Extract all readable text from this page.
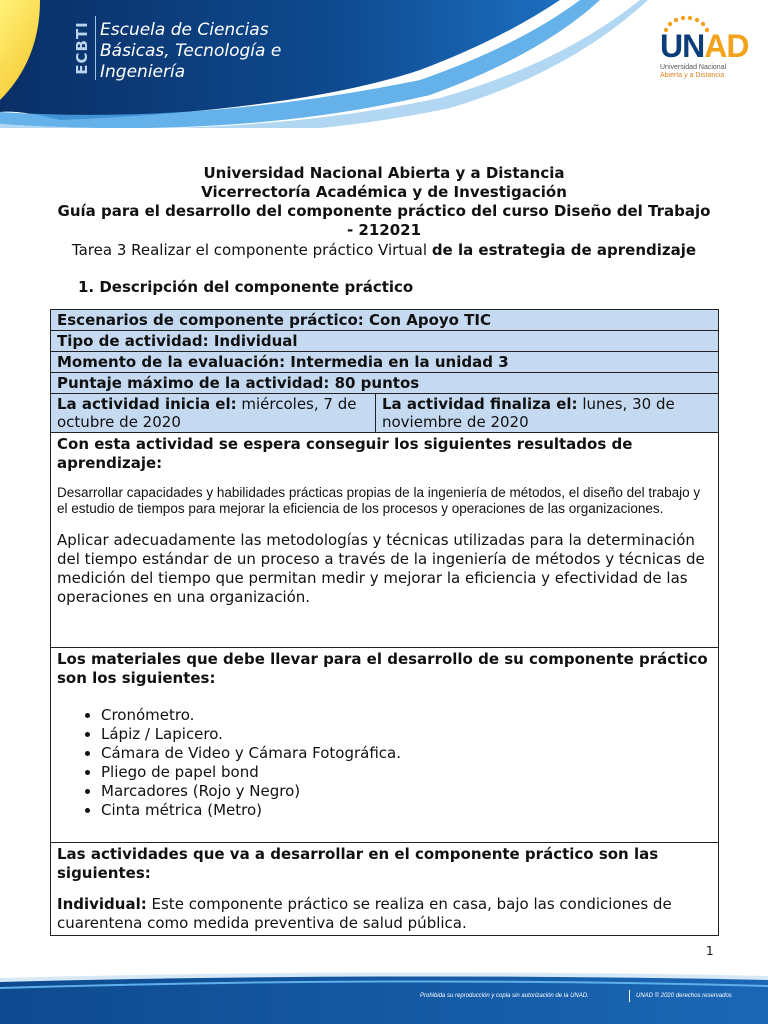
ECBTI Escuela de Ciencias
Básicas, Tecnología e
Ingeniería
UNAD
Universidad Nacional
Abierta y a Distancia
Universidad Nacional Abierta y a Distancia
Vicerrectoría Académica y de Investigación
Guía para el desarrollo del componente práctico del curso Diseño del Trabajo
- 212021
Tarea 3 Realizar el componente práctico Virtual de la estrategia de aprendizaje
1. Descripción del componente práctico
Escenarios de componente práctico: Con Apoyo TIC
Tipo de actividad: Individual
Momento de la evaluación: Intermedia en la unidad 3
Puntaje máximo de la actividad: 80 puntos
La actividad inicia el: miércoles, 7 de octubre de 2020	La actividad finaliza el: lunes, 30 de noviembre de 2020

Con esta actividad se espera conseguir los siguientes resultados de aprendizaje:
Desarrollar capacidades y habilidades prácticas propias de la ingeniería de métodos, el diseño del trabajo y el estudio de tiempos para mejorar la eficiencia de los procesos y operaciones de las organizaciones.
Aplicar adecuadamente las metodologías y técnicas utilizadas para la determinación del tiempo estándar de un proceso a través de la ingeniería de métodos y técnicas de medición del tiempo que permitan medir y mejorar la eficiencia y efectividad de las operaciones en una organización.

Los materiales que debe llevar para el desarrollo de su componente práctico son los siguientes:
• Cronómetro.
• Lápiz / Lapicero.
• Cámara de Video y Cámara Fotográfica.
• Pliego de papel bond
• Marcadores (Rojo y Negro)
• Cinta métrica (Metro)

Las actividades que va a desarrollar en el componente práctico son las siguientes:
Individual: Este componente práctico se realiza en casa, bajo las condiciones de cuarentena como medida preventiva de salud pública.
1
Prohibida su reproducción y copia sin autorización de la UNAD.	UNAD © 2020 derechos reservados
